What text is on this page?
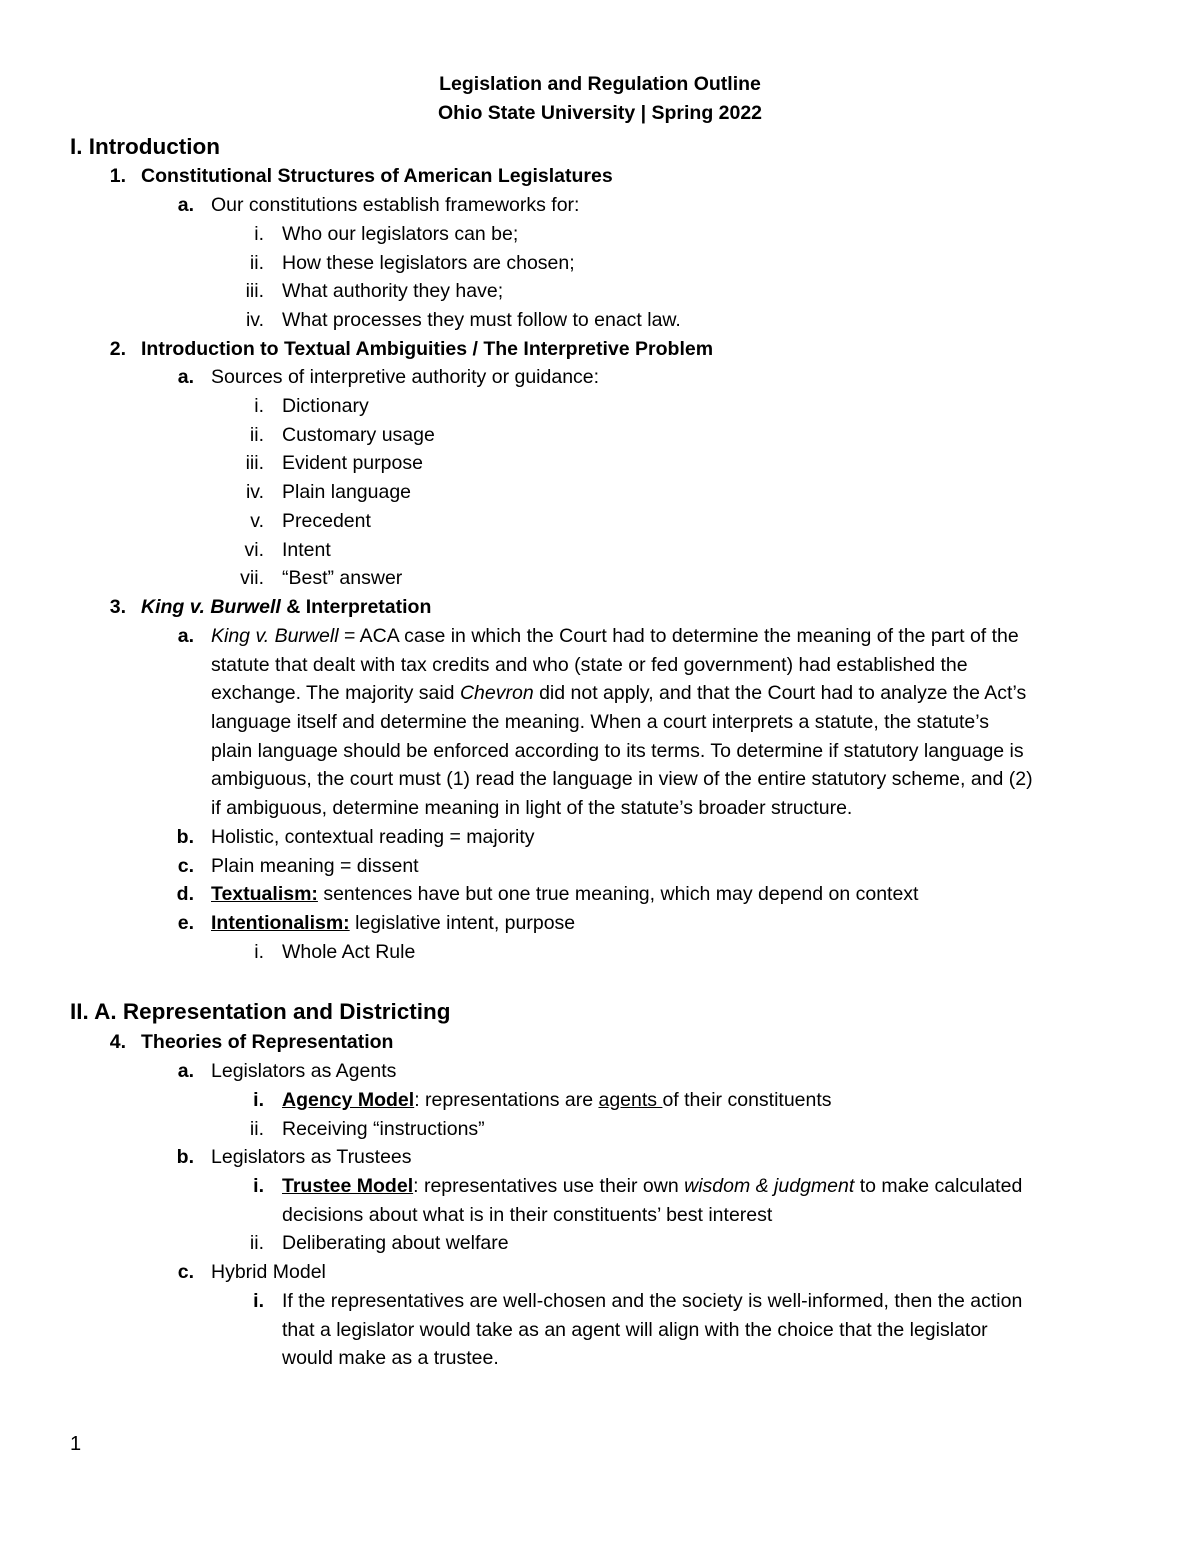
Legislation and Regulation Outline
Ohio State University | Spring 2022
I. Introduction
1. Constitutional Structures of American Legislatures
a. Our constitutions establish frameworks for:
i. Who our legislators can be;
ii. How these legislators are chosen;
iii. What authority they have;
iv. What processes they must follow to enact law.
2. Introduction to Textual Ambiguities / The Interpretive Problem
a. Sources of interpretive authority or guidance:
i. Dictionary
ii. Customary usage
iii. Evident purpose
iv. Plain language
v. Precedent
vi. Intent
vii. “Best” answer
3. King v. Burwell & Interpretation
a. King v. Burwell = ACA case in which the Court had to determine the meaning of the part of the
statute that dealt with tax credits and who (state or fed government) had established the
exchange. The majority said Chevron did not apply, and that the Court had to analyze the Act’s
language itself and determine the meaning. When a court interprets a statute, the statute’s
plain language should be enforced according to its terms. To determine if statutory language is
ambiguous, the court must (1) read the language in view of the entire statutory scheme, and (2)
if ambiguous, determine meaning in light of the statute’s broader structure.
b. Holistic, contextual reading = majority
c. Plain meaning = dissent
d. Textualism: sentences have but one true meaning, which may depend on context
e. Intentionalism: legislative intent, purpose
i. Whole Act Rule
II. A. Representation and Districting
4. Theories of Representation
a. Legislators as Agents
i. Agency Model: representations are agents of their constituents
ii. Receiving “instructions”
b. Legislators as Trustees
i. Trustee Model: representatives use their own wisdom & judgment to make calculated
decisions about what is in their constituents’ best interest
ii. Deliberating about welfare
c. Hybrid Model
i. If the representatives are well-chosen and the society is well-informed, then the action
that a legislator would take as an agent will align with the choice that the legislator
would make as a trustee.
1
